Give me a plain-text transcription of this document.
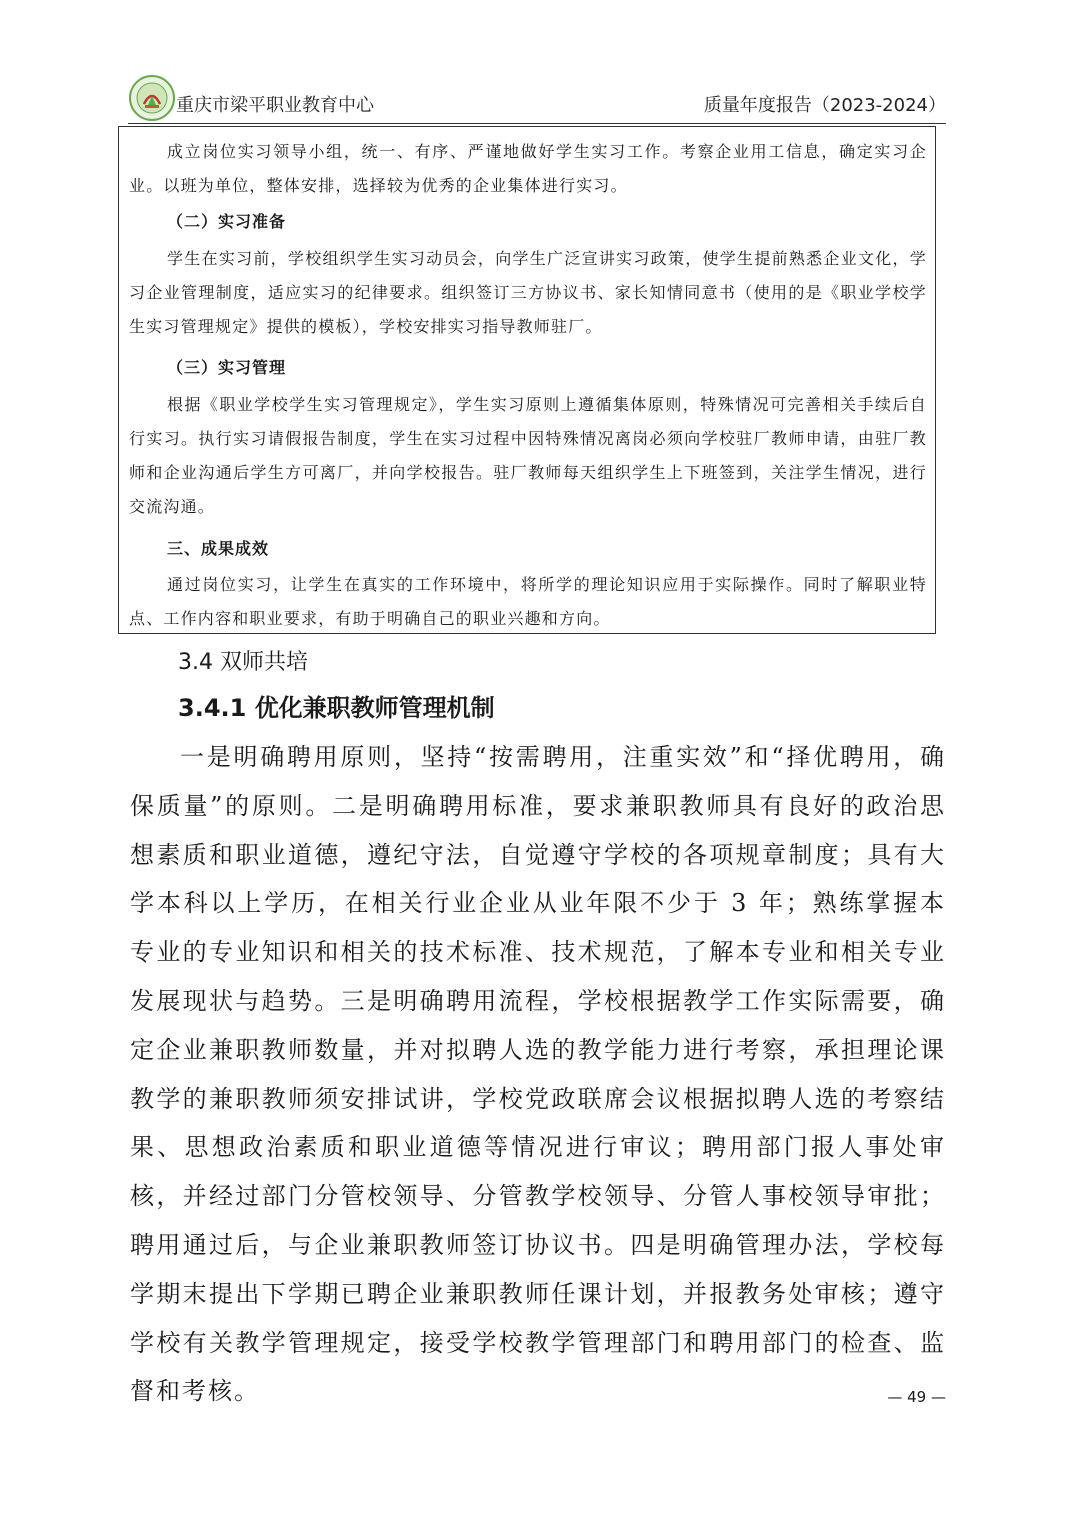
重庆市梁平职业教育中心	质量年度报告（2023-2024）

成立岗位实习领导小组，统一、有序、严谨地做好学生实习工作。考察企业用工信息，确定实习企业。以班为单位，整体安排，选择较为优秀的企业集体进行实习。

（二）实习准备

学生在实习前，学校组织学生实习动员会，向学生广泛宣讲实习政策，使学生提前熟悉企业文化，学习企业管理制度，适应实习的纪律要求。组织签订三方协议书、家长知情同意书（使用的是《职业学校学生实习管理规定》提供的模板），学校安排实习指导教师驻厂。

（三）实习管理

根据《职业学校学生实习管理规定》，学生实习原则上遵循集体原则，特殊情况可完善相关手续后自行实习。执行实习请假报告制度，学生在实习过程中因特殊情况离岗必须向学校驻厂教师申请，由驻厂教师和企业沟通后学生方可离厂，并向学校报告。驻厂教师每天组织学生上下班签到，关注学生情况，进行交流沟通。

三、成果成效

通过岗位实习，让学生在真实的工作环境中，将所学的理论知识应用于实际操作。同时了解职业特点、工作内容和职业要求，有助于明确自己的职业兴趣和方向。

3.4 双师共培
3.4.1 优化兼职教师管理机制

一是明确聘用原则，坚持“按需聘用，注重实效”和“择优聘用，确保质量”的原则。二是明确聘用标准，要求兼职教师具有良好的政治思想素质和职业道德，遵纪守法，自觉遵守学校的各项规章制度；具有大学本科以上学历，在相关行业企业从业年限不少于 3 年；熟练掌握本专业的专业知识和相关的技术标准、技术规范，了解本专业和相关专业发展现状与趋势。三是明确聘用流程，学校根据教学工作实际需要，确定企业兼职教师数量，并对拟聘人选的教学能力进行考察，承担理论课教学的兼职教师须安排试讲，学校党政联席会议根据拟聘人选的考察结果、思想政治素质和职业道德等情况进行审议；聘用部门报人事处审核，并经过部门分管校领导、分管教学校领导、分管人事校领导审批；聘用通过后，与企业兼职教师签订协议书。四是明确管理办法，学校每学期末提出下学期已聘企业兼职教师任课计划，并报教务处审核；遵守学校有关教学管理规定，接受学校教学管理部门和聘用部门的检查、监督和考核。	— 49 —
